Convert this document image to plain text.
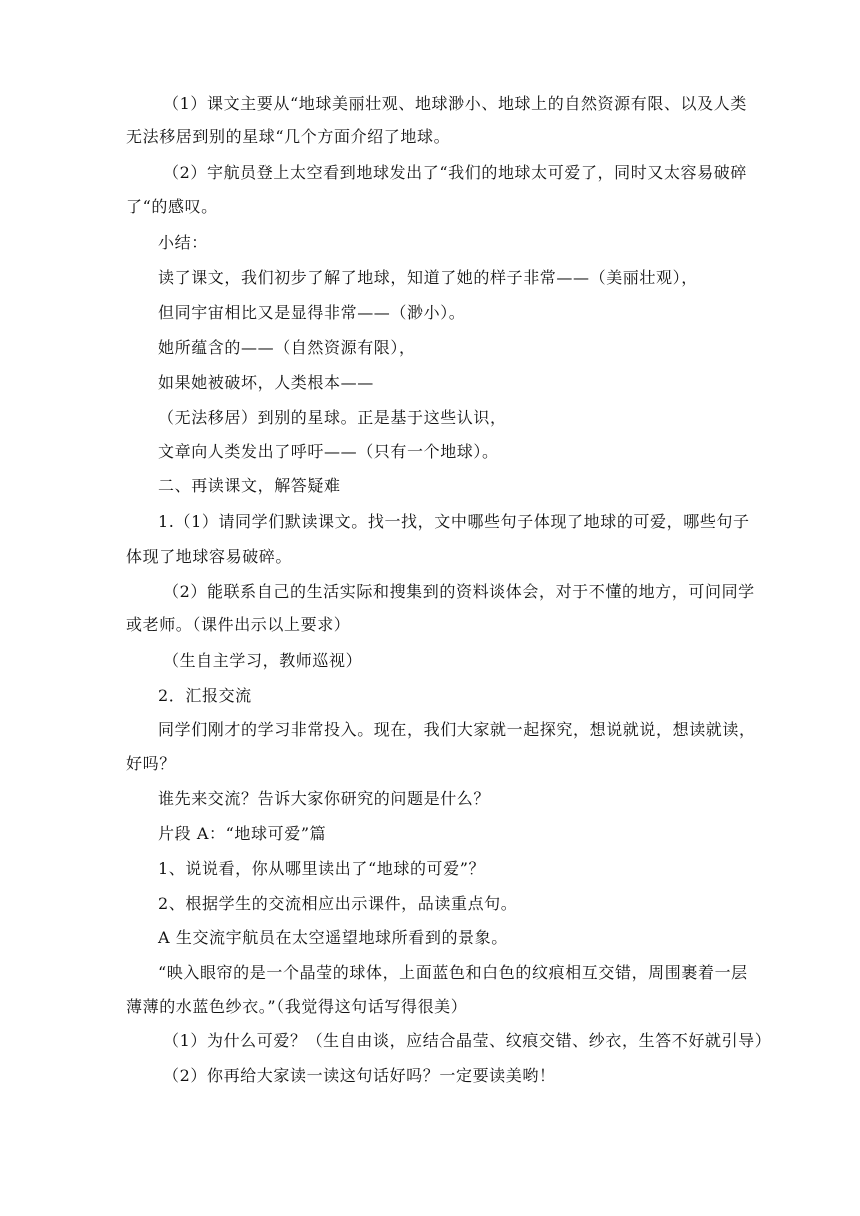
（1）课文主要从“地球美丽壮观、地球渺小、地球上的自然资源有限、以及人类
无法移居到别的星球“几个方面介绍了地球。
（2）宇航员登上太空看到地球发出了“我们的地球太可爱了，同时又太容易破碎
了“的感叹。
小结：
读了课文，我们初步了解了地球，知道了她的样子非常——（美丽壮观），
但同宇宙相比又是显得非常——（渺小）。
她所蕴含的——（自然资源有限），
如果她被破坏，人类根本——
（无法移居）到别的星球。正是基于这些认识，
文章向人类发出了呼吁——（只有一个地球）。
二、再读课文，解答疑难
1.（1）请同学们默读课文。找一找，文中哪些句子体现了地球的可爱，哪些句子
体现了地球容易破碎。
（2）能联系自己的生活实际和搜集到的资料谈体会，对于不懂的地方，可问同学
或老师。（课件出示以上要求）
（生自主学习，教师巡视）
2．汇报交流
同学们刚才的学习非常投入。现在，我们大家就一起探究，想说就说，想读就读，
好吗？
谁先来交流？告诉大家你研究的问题是什么？
片段 A：“地球可爱”篇
1、说说看，你从哪里读出了“地球的可爱”？
2、根据学生的交流相应出示课件，品读重点句。
A 生交流宇航员在太空遥望地球所看到的景象。
“映入眼帘的是一个晶莹的球体，上面蓝色和白色的纹痕相互交错，周围裹着一层
薄薄的水蓝色纱衣。”（我觉得这句话写得很美）
（1）为什么可爱？（生自由谈，应结合晶莹、纹痕交错、纱衣，生答不好就引导）
（2）你再给大家读一读这句话好吗？一定要读美哟！
